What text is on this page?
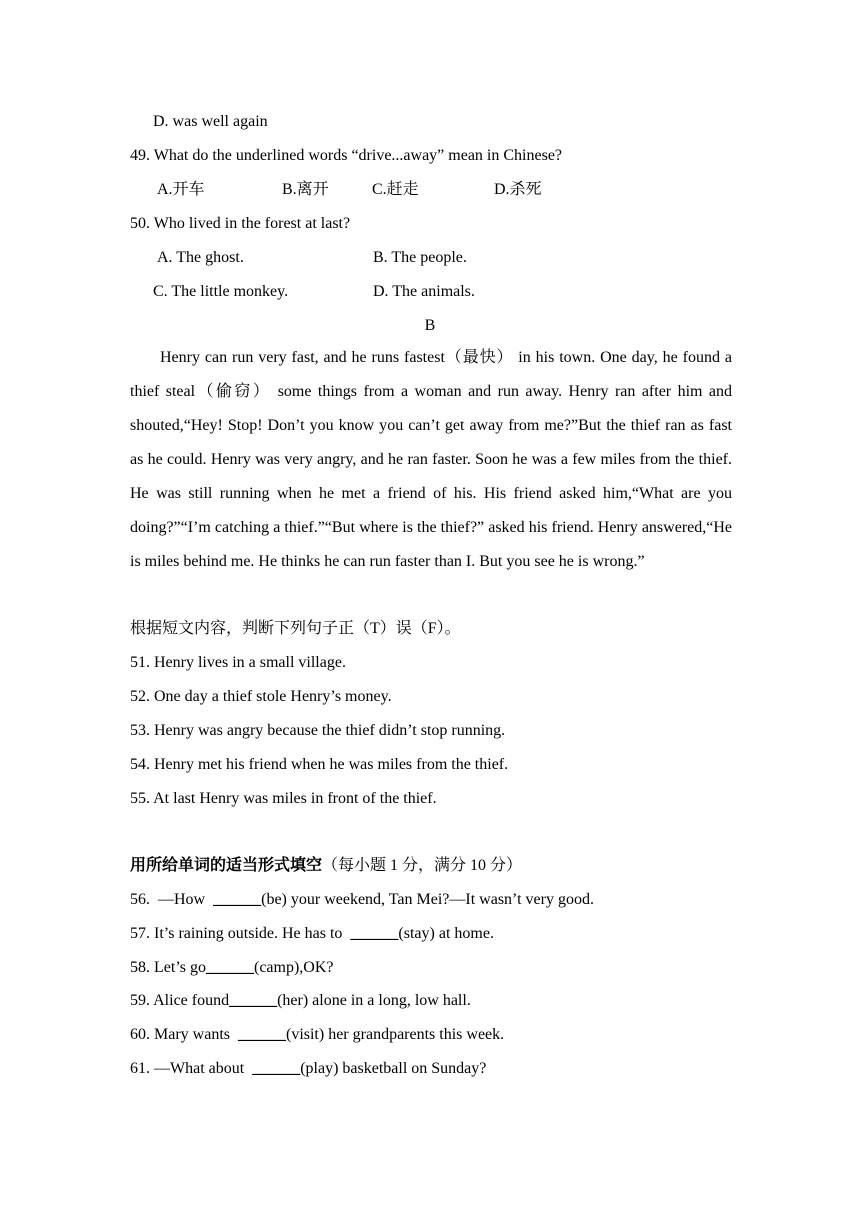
D. was well again
49. What do the underlined words “drive...away” mean in Chinese?
A.开车	B.离开	C.赶走	D.杀死
50. Who lived in the forest at last?
A. The ghost.	B. The people.
C. The little monkey.	D. The animals.
B
Henry can run very fast, and he runs fastest（最快） in his town. One day, he found a thief steal（偷窃） some things from a woman and run away. Henry ran after him and shouted,“Hey! Stop! Don’t you know you can’t get away from me?”But the thief ran as fast as he could. Henry was very angry, and he ran faster. Soon he was a few miles from the thief. He was still running when he met a friend of his. His friend asked him,“What are you doing?”“I’m catching a thief.”“But where is the thief?” asked his friend. Henry answered,“He is miles behind me. He thinks he can run faster than I. But you see he is wrong.”
根据短文内容，判断下列句子正（T）误（F）。
51. Henry lives in a small village.
52. One day a thief stole Henry’s money.
53. Henry was angry because the thief didn’t stop running.
54. Henry met his friend when he was miles from the thief.
55. At last Henry was miles in front of the thief.
用所给单词的适当形式填空（每小题 1 分，满分 10 分）
56.  —How  ______(be) your weekend, Tan Mei?—It wasn’t very good.
57. It’s raining outside. He has to  ______(stay) at home.
58. Let’s go______(camp),OK?
59. Alice found______(her) alone in a long, low hall.
60. Mary wants  ______(visit) her grandparents this week.
61. —What about  ______(play) basketball on Sunday?
